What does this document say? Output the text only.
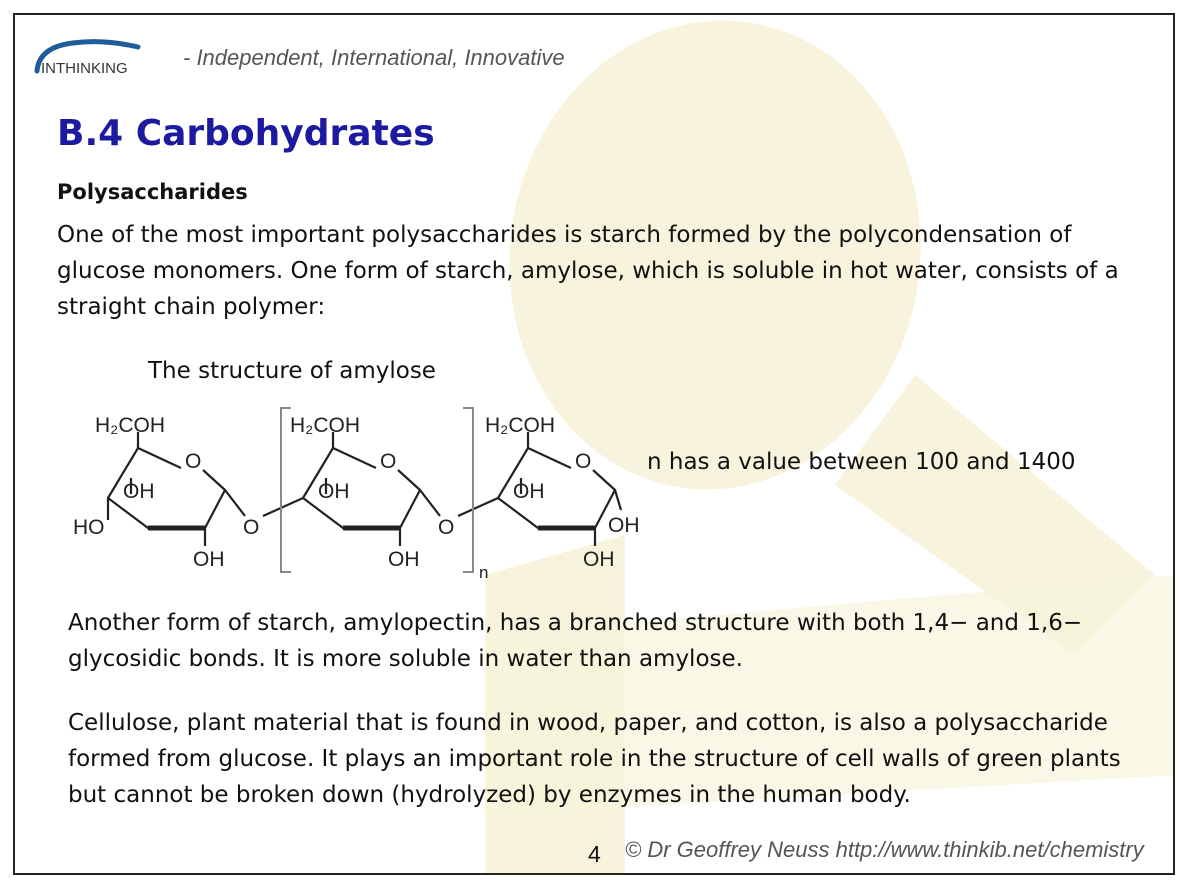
INTHINKING	- Independent, International, Innovative
B.4 Carbohydrates
Polysaccharides
One of the most important polysaccharides is starch formed by the polycondensation of glucose monomers. One form of starch, amylose, which is soluble in hot water, consists of a straight chain polymer:
The structure of amylose
H₂COH
O
OH
OH
HO	O
H₂COH
O
OH
OH
O
H₂COH
O
OH
OH
OH
n
n has a value between 100 and 1400
Another form of starch, amylopectin, has a branched structure with both 1,4− and 1,6− glycosidic bonds. It is more soluble in water than amylose.
Cellulose, plant material that is found in wood, paper, and cotton, is also a polysaccharide formed from glucose. It plays an important role in the structure of cell walls of green plants but cannot be broken down (hydrolyzed) by enzymes in the human body.
4 © Dr Geoffrey Neuss http://www.thinkib.net/chemistry
